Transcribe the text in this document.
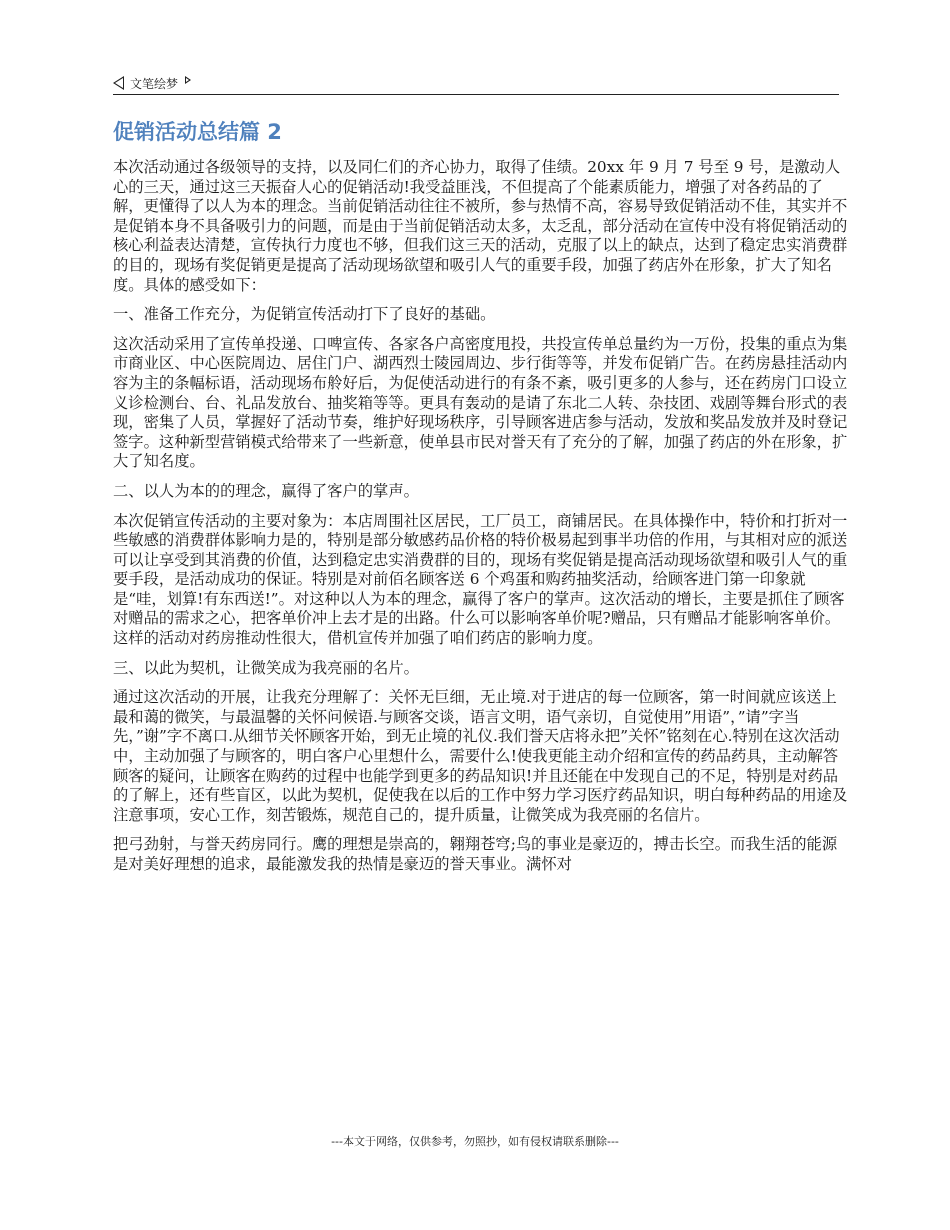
文笔绘梦
促销活动总结篇 2

本次活动通过各级领导的支持，以及同仁们的齐心协力，取得了佳绩。20xx 年 9 月 7 号至 9 号，是激动人心的三天，通过这三天振奋人心的促销活动!我受益匪浅，不但提高了个能素质能力，增强了对各药品的了解，更懂得了以人为本的理念。当前促销活动往往不被所，参与热情不高，容易导致促销活动不佳，其实并不是促销本身不具备吸引力的问题，而是由于当前促销活动太多，太乏乱，部分活动在宣传中没有将促销活动的核心利益表达清楚，宣传执行力度也不够，但我们这三天的活动，克服了以上的缺点，达到了稳定忠实消费群的目的，现场有奖促销更是提高了活动现场欲望和吸引人气的重要手段，加强了药店外在形象，扩大了知名度。具体的感受如下：

一、准备工作充分，为促销宣传活动打下了良好的基础。

这次活动采用了宣传单投递、口啤宣传、各家各户高密度甩投，共投宣传单总量约为一万份，投集的重点为集市商业区、中心医院周边、居住门户、湖西烈士陵园周边、步行街等等，并发布促销广告。在药房悬挂活动内容为主的条幅标语，活动现场布舲好后，为促使活动进行的有条不紊，吸引更多的人参与，还在药房门口设立义诊检测台、台、礼品发放台、抽奖箱等等。更具有轰动的是请了东北二人转、杂技团、戏剧等舞台形式的表现，密集了人员，掌握好了活动节奏，维护好现场秩序，引导顾客进店参与活动，发放和奖品发放并及时登记签字。这种新型营销模式给带来了一些新意，使单县市民对誉天有了充分的了解，加强了药店的外在形象，扩大了知名度。

二、以人为本的的理念，赢得了客户的掌声。

本次促销宣传活动的主要对象为：本店周围社区居民，工厂员工，商铺居民。在具体操作中，特价和打折对一些敏感的消费群体影响力是的，特别是部分敏感药品价格的特价极易起到事半功倍的作用，与其相对应的派送可以让享受到其消费的价值，达到稳定忠实消费群的目的，现场有奖促销是提高活动现场欲望和吸引人气的重要手段，是活动成功的保证。特别是对前佰名顾客送 6 个鸡蛋和购药抽奖活动，给顾客进门第一印象就是“哇，划算!有东西送!”。对这种以人为本的理念，赢得了客户的掌声。这次活动的增长，主要是抓住了顾客对赠品的需求之心，把客单价冲上去才是的出路。什么可以影响客单价呢?赠品，只有赠品才能影响客单价。这样的活动对药房推动性很大，借机宣传并加强了咱们药店的影响力度。

三、以此为契机，让微笑成为我亮丽的名片。

通过这次活动的开展，让我充分理解了：关怀无巨细，无止境.对于进店的每一位顾客，第一时间就应该送上最和蔼的微笑，与最温馨的关怀问候语.与顾客交谈，语言文明，语气亲切，自觉使用”用语”，”请”字当先，”谢”字不离口.从细节关怀顾客开始，到无止境的礼仪.我们誉天店将永把”关怀”铭刻在心.特别在这次活动中，主动加强了与顾客的，明白客户心里想什么，需要什么!使我更能主动介绍和宣传的药品药具，主动解答顾客的疑问，让顾客在购药的过程中也能学到更多的药品知识!并且还能在中发现自己的不足，特别是对药品的了解上，还有些盲区，以此为契机，促使我在以后的工作中努力学习医疗药品知识，明白每种药品的用途及注意事项，安心工作，刻苦锻炼，规范自己的，提升质量，让微笑成为我亮丽的名信片。

把弓劲射，与誉天药房同行。鹰的理想是崇高的，翱翔苍穹;鸟的事业是豪迈的，搏击长空。而我生活的能源是对美好理想的追求，最能激发我的热情是豪迈的誉天事业。满怀对

---本文于网络，仅供参考，勿照抄，如有侵权请联系删除---
